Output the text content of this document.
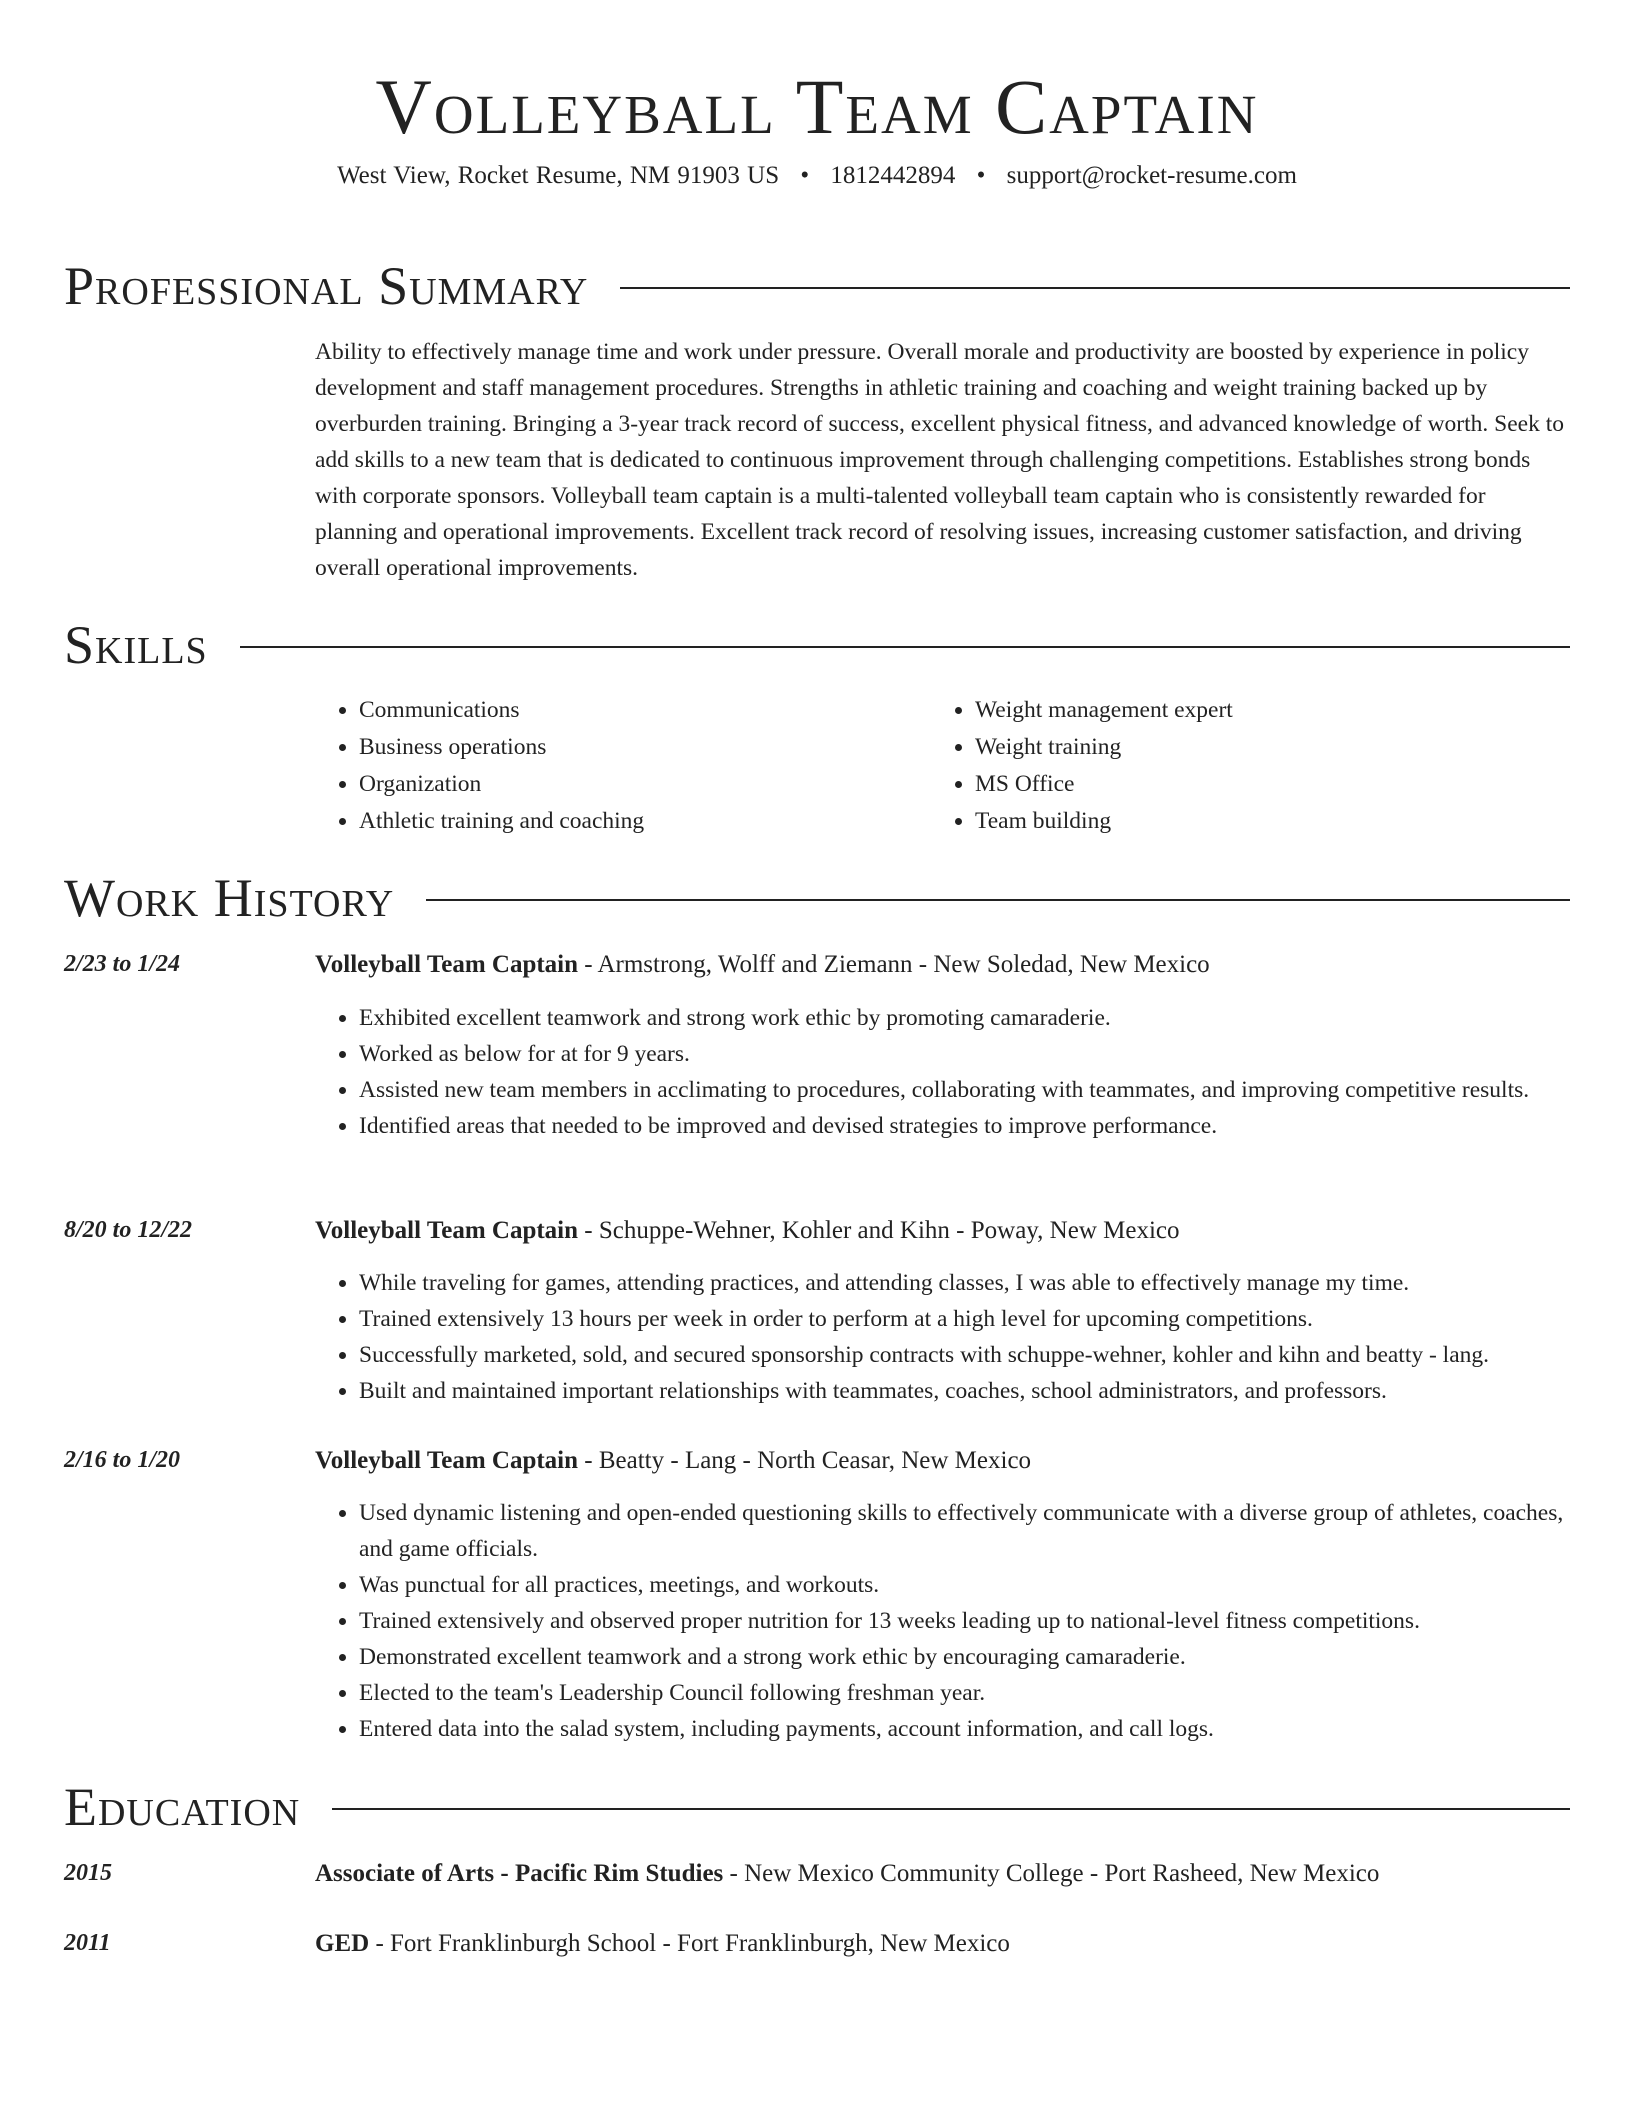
Volleyball Team Captain
West View, Rocket Resume, NM 91903 US • 1812442894 • support@rocket-resume.com
Professional Summary
Ability to effectively manage time and work under pressure. Overall morale and productivity are boosted by experience in policy development and staff management procedures. Strengths in athletic training and coaching and weight training backed up by overburden training. Bringing a 3-year track record of success, excellent physical fitness, and advanced knowledge of worth. Seek to add skills to a new team that is dedicated to continuous improvement through challenging competitions. Establishes strong bonds with corporate sponsors. Volleyball team captain is a multi-talented volleyball team captain who is consistently rewarded for planning and operational improvements. Excellent track record of resolving issues, increasing customer satisfaction, and driving overall operational improvements.
Skills
• Communications
• Business operations
• Organization
• Athletic training and coaching
• Weight management expert
• Weight training
• MS Office
• Team building
Work History
2/23 to 1/24	Volleyball Team Captain - Armstrong, Wolff and Ziemann - New Soledad, New Mexico
• Exhibited excellent teamwork and strong work ethic by promoting camaraderie.
• Worked as below for at for 9 years.
• Assisted new team members in acclimating to procedures, collaborating with teammates, and improving competitive results.
• Identified areas that needed to be improved and devised strategies to improve performance.
8/20 to 12/22	Volleyball Team Captain - Schuppe-Wehner, Kohler and Kihn - Poway, New Mexico
• While traveling for games, attending practices, and attending classes, I was able to effectively manage my time.
• Trained extensively 13 hours per week in order to perform at a high level for upcoming competitions.
• Successfully marketed, sold, and secured sponsorship contracts with schuppe-wehner, kohler and kihn and beatty - lang.
• Built and maintained important relationships with teammates, coaches, school administrators, and professors.
2/16 to 1/20	Volleyball Team Captain - Beatty - Lang - North Ceasar, New Mexico
• Used dynamic listening and open-ended questioning skills to effectively communicate with a diverse group of athletes, coaches, and game officials.
• Was punctual for all practices, meetings, and workouts.
• Trained extensively and observed proper nutrition for 13 weeks leading up to national-level fitness competitions.
• Demonstrated excellent teamwork and a strong work ethic by encouraging camaraderie.
• Elected to the team's Leadership Council following freshman year.
• Entered data into the salad system, including payments, account information, and call logs.
Education
2015	Associate of Arts - Pacific Rim Studies - New Mexico Community College - Port Rasheed, New Mexico
2011	GED - Fort Franklinburgh School - Fort Franklinburgh, New Mexico
